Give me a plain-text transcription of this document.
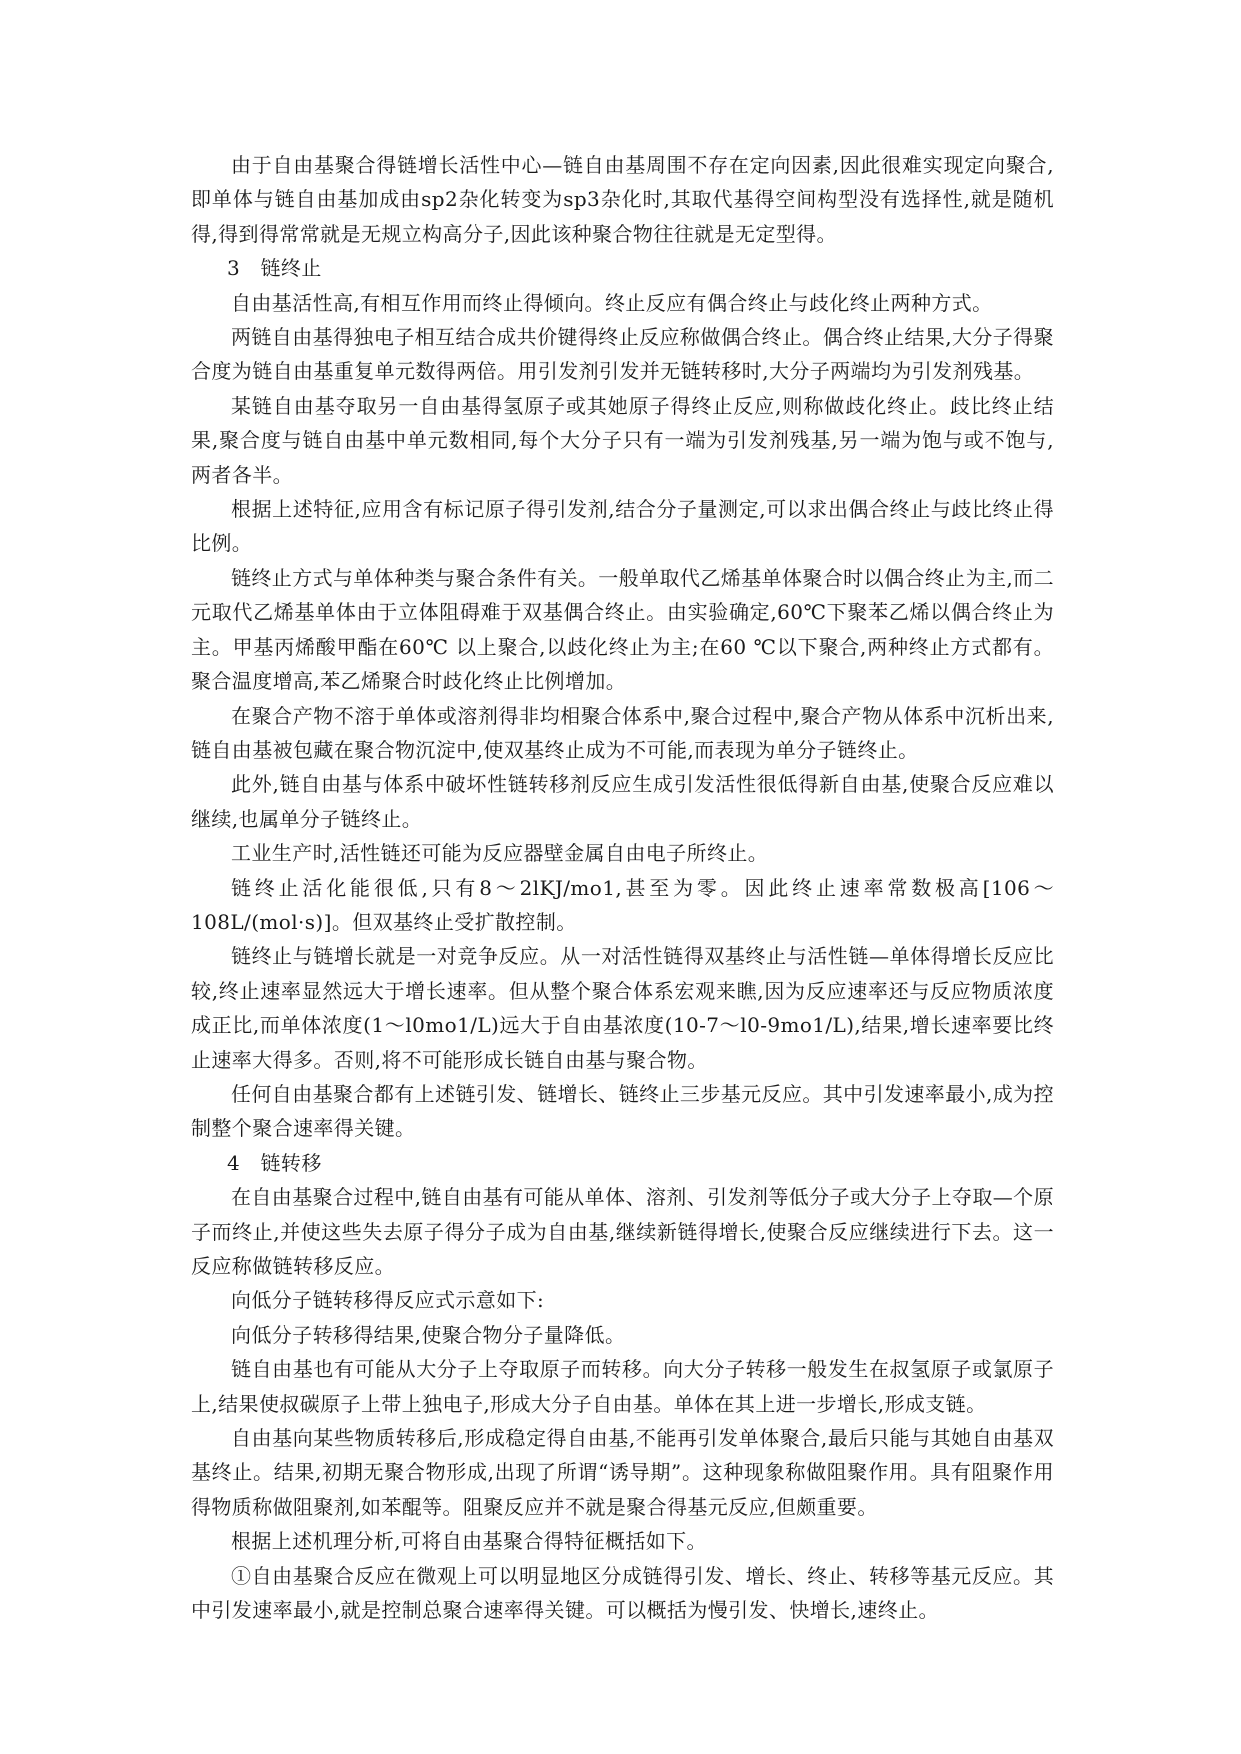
由于自由基聚合得链增长活性中心—链自由基周围不存在定向因素,因此很难实现定向聚合,即单体与链自由基加成由sp2杂化转变为sp3杂化时,其取代基得空间构型没有选择性,就是随机得,得到得常常就是无规立构高分子,因此该种聚合物往往就是无定型得。

3　链终止

自由基活性高,有相互作用而终止得倾向。终止反应有偶合终止与歧化终止两种方式。

两链自由基得独电子相互结合成共价键得终止反应称做偶合终止。偶合终止结果,大分子得聚合度为链自由基重复单元数得两倍。用引发剂引发并无链转移时,大分子两端均为引发剂残基。

某链自由基夺取另一自由基得氢原子或其她原子得终止反应,则称做歧化终止。歧比终止结果,聚合度与链自由基中单元数相同,每个大分子只有一端为引发剂残基,另一端为饱与或不饱与,两者各半。

根据上述特征,应用含有标记原子得引发剂,结合分子量测定,可以求出偶合终止与歧比终止得比例。

链终止方式与单体种类与聚合条件有关。一般单取代乙烯基单体聚合时以偶合终止为主,而二元取代乙烯基单体由于立体阻碍难于双基偶合终止。由实验确定,60℃下聚苯乙烯以偶合终止为主。甲基丙烯酸甲酯在60℃ 以上聚合,以歧化终止为主;在60 ℃以下聚合,两种终止方式都有。聚合温度增高,苯乙烯聚合时歧化终止比例增加。

在聚合产物不溶于单体或溶剂得非均相聚合体系中,聚合过程中,聚合产物从体系中沉析出来,链自由基被包藏在聚合物沉淀中,使双基终止成为不可能,而表现为单分子链终止。

此外,链自由基与体系中破坏性链转移剂反应生成引发活性很低得新自由基,使聚合反应难以继续,也属单分子链终止。

工业生产时,活性链还可能为反应器壁金属自由电子所终止。

链终止活化能很低,只有8～2lKJ/mo1,甚至为零。因此终止速率常数极高[106～108L/(mol·s)]。但双基终止受扩散控制。

链终止与链增长就是一对竞争反应。从一对活性链得双基终止与活性链—单体得增长反应比较,终止速率显然远大于增长速率。但从整个聚合体系宏观来瞧,因为反应速率还与反应物质浓度成正比,而单体浓度(1～l0mo1/L)远大于自由基浓度(10-7～l0-9mo1/L),结果,增长速率要比终止速率大得多。否则,将不可能形成长链自由基与聚合物。

任何自由基聚合都有上述链引发、链增长、链终止三步基元反应。其中引发速率最小,成为控制整个聚合速率得关键。

4　链转移

在自由基聚合过程中,链自由基有可能从单体、溶剂、引发剂等低分子或大分子上夺取—个原子而终止,并使这些失去原子得分子成为自由基,继续新链得增长,使聚合反应继续进行下去。这一反应称做链转移反应。

向低分子链转移得反应式示意如下:

向低分子转移得结果,使聚合物分子量降低。

链自由基也有可能从大分子上夺取原子而转移。向大分子转移一般发生在叔氢原子或氯原子上,结果使叔碳原子上带上独电子,形成大分子自由基。单体在其上进一步增长,形成支链。

自由基向某些物质转移后,形成稳定得自由基,不能再引发单体聚合,最后只能与其她自由基双基终止。结果,初期无聚合物形成,出现了所谓“诱导期”。这种现象称做阻聚作用。具有阻聚作用得物质称做阻聚剂,如苯醌等。阻聚反应并不就是聚合得基元反应,但颇重要。

根据上述机理分析,可将自由基聚合得特征概括如下。

①自由基聚合反应在微观上可以明显地区分成链得引发、增长、终止、转移等基元反应。其中引发速率最小,就是控制总聚合速率得关键。可以概括为慢引发、快增长,速终止。
